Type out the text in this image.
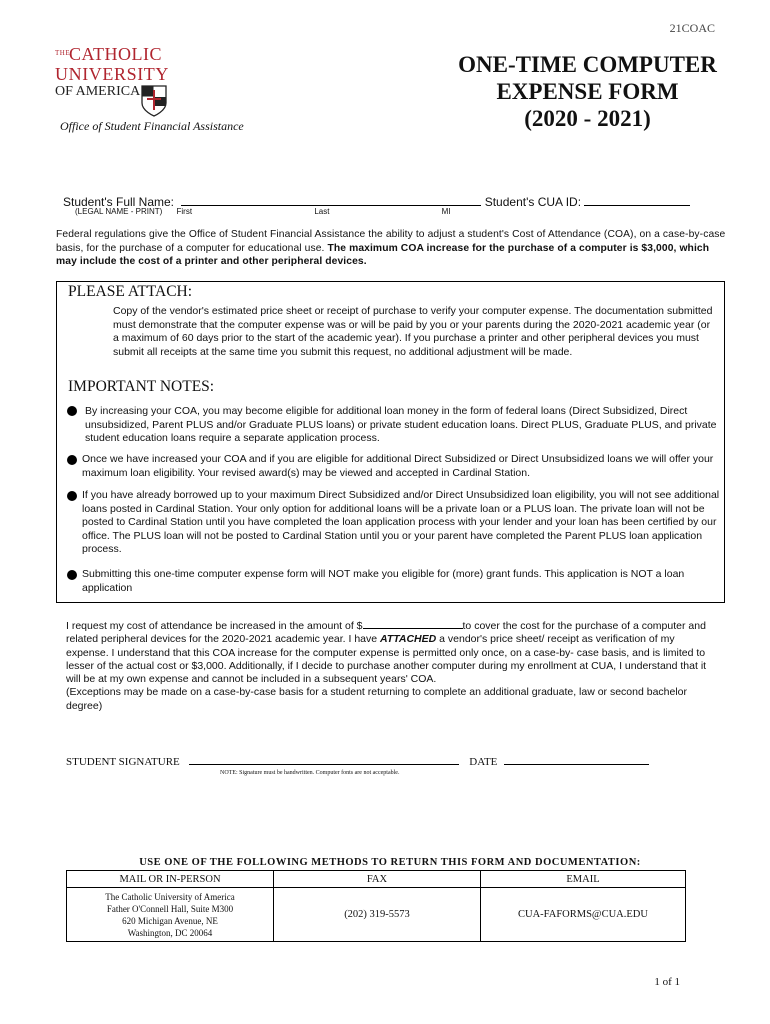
21COAC
THE
CATHOLIC
UNIVERSITY
OF AMERICA
Office of Student Financial Assistance
ONE-TIME COMPUTER
EXPENSE FORM
(2020 - 2021)
Student's Full Name:	Student's CUA ID:
(LEGAL NAME - PRINT) First	Last	MI
Federal regulations give the Office of Student Financial Assistance the ability to adjust a student's Cost of Attendance (COA), on a case-by-case basis, for the purchase of a computer for educational use. The maximum COA increase for the purchase of a computer is $3,000, which may include the cost of a printer and other peripheral devices.
PLEASE ATTACH:
Copy of the vendor's estimated price sheet or receipt of purchase to verify your computer expense. The documentation submitted must demonstrate that the computer expense was or will be paid by you or your parents during the 2020-2021 academic year (or a maximum of 60 days prior to the start of the academic year). If you purchase a printer and other peripheral devices you must submit all receipts at the same time you submit this request, no additional adjustment will be made.
IMPORTANT NOTES:
By increasing your COA, you may become eligible for additional loan money in the form of federal loans (Direct Subsidized, Direct unsubsidized, Parent PLUS and/or Graduate PLUS loans) or private student education loans. Direct PLUS, Graduate PLUS, and private student education loans require a separate application process.
Once we have increased your COA and if you are eligible for additional Direct Subsidized or Direct Unsubsidized loans we will offer your maximum loan eligibility. Your revised award(s) may be viewed and accepted in Cardinal Station.
If you have already borrowed up to your maximum Direct Subsidized and/or Direct Unsubsidized loan eligibility, you will not see additional loans posted in Cardinal Station. Your only option for additional loans will be a private loan or a PLUS loan. The private loan will not be posted to Cardinal Station until you have completed the loan application process with your lender and your loan has been certified by our office. The PLUS loan will not be posted to Cardinal Station until you or your parent have completed the Parent PLUS loan application process.
Submitting this one-time computer expense form will NOT make you eligible for (more) grant funds. This application is NOT a loan application
I request my cost of attendance be increased in the amount of $	to cover the cost for the purchase of a computer and related peripheral devices for the 2020-2021 academic year. I have ATTACHED a vendor's price sheet/ receipt as verification of my expense. I understand that this COA increase for the computer expense is permitted only once, on a case-by- case basis, and is limited to lesser of the actual cost or $3,000. Additionally, if I decide to purchase another computer during my enrollment at CUA, I understand that it will be at my own expense and cannot be included in a subsequent years' COA.
(Exceptions may be made on a case-by-case basis for a student returning to complete an additional graduate, law or second bachelor degree)
STUDENT SIGNATURE	DATE
NOTE: Signature must be handwritten. Computer fonts are not acceptable.
USE ONE OF THE FOLLOWING METHODS TO RETURN THIS FORM AND DOCUMENTATION:
MAIL OR IN-PERSON	FAX	EMAIL

The Catholic University of America
Father O'Connell Hall, Suite M300
620 Michigan Avenue, NE
Washington, DC 20064	(202) 319-5573	CUA-FAFORMS@CUA.EDU
1 of 1
